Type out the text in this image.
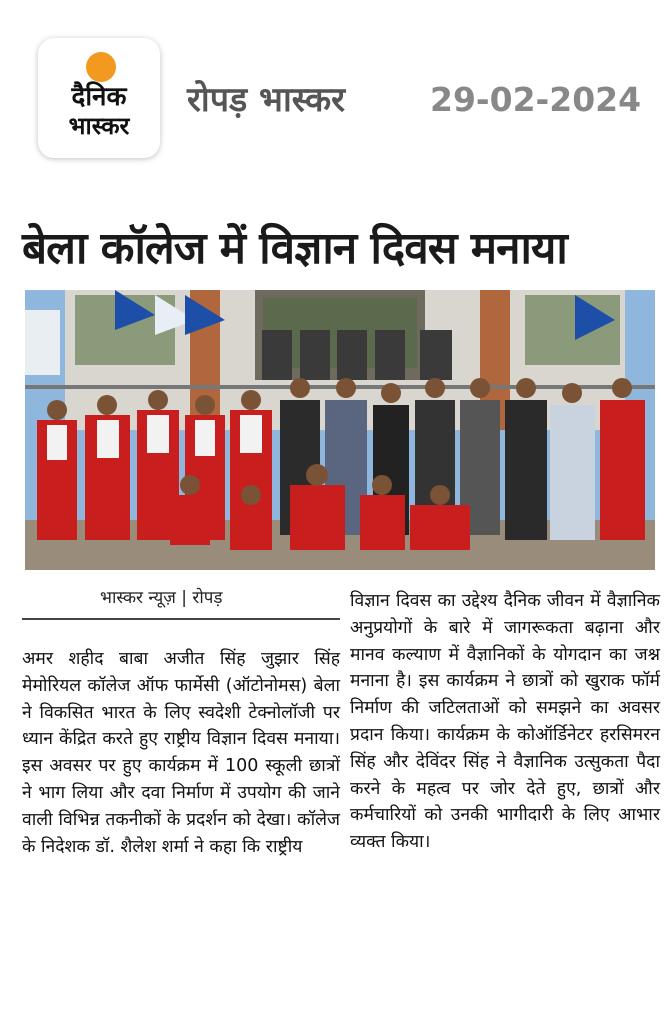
दैनिक
भास्कर
रोपड़ भास्कर	29-02-2024
बेला कॉलेज में विज्ञान दिवस मनाया
भास्कर न्यूज़ | रोपड़

अमर शहीद बाबा अजीत सिंह जुझार सिंह मेमोरियल कॉलेज ऑफ फार्मेसी (ऑटोनोमस) बेला ने विकसित भारत के लिए स्वदेशी टेक्नोलॉजी पर ध्यान केंद्रित करते हुए राष्ट्रीय विज्ञान दिवस मनाया। इस अवसर पर हुए कार्यक्रम में 100 स्कूली छात्रों ने भाग लिया और दवा निर्माण में उपयोग की जाने वाली विभिन्न तकनीकों के प्रदर्शन को देखा। कॉलेज के निदेशक डॉ. शैलेश शर्मा ने कहा कि राष्ट्रीय

विज्ञान दिवस का उद्देश्य दैनिक जीवन में वैज्ञानिक अनुप्रयोगों के बारे में जागरूकता बढ़ाना और मानव कल्याण में वैज्ञानिकों के योगदान का जश्न मनाना है। इस कार्यक्रम ने छात्रों को खुराक फॉर्म निर्माण की जटिलताओं को समझने का अवसर प्रदान किया। कार्यक्रम के कोऑर्डिनेटर हरसिमरन सिंह और देविंदर सिंह ने वैज्ञानिक उत्सुकता पैदा करने के महत्व पर जोर देते हुए, छात्रों और कर्मचारियों को उनकी भागीदारी के लिए आभार व्यक्त किया।
